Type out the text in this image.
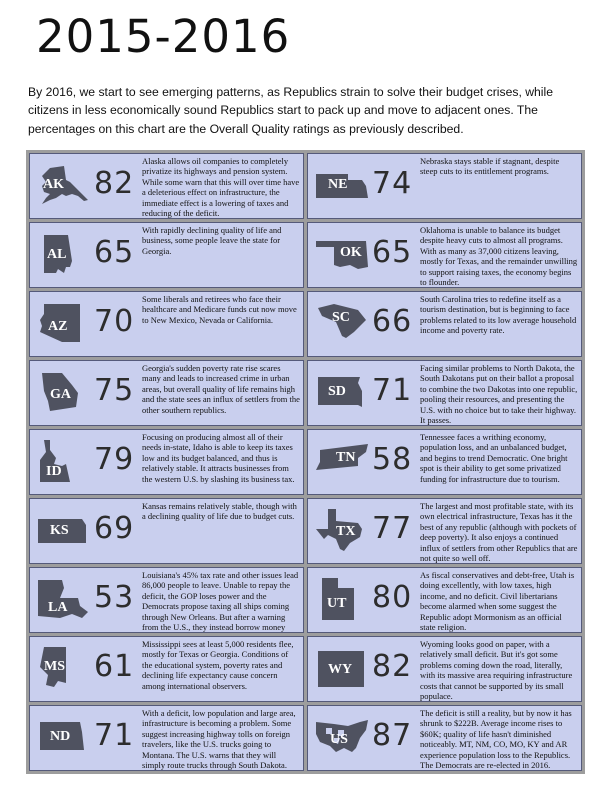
2015-2016
By 2016, we start to see emerging patterns, as Republics strain to solve their budget crises, while citizens in less economically sound Republics start to pack up and move to adjacent ones. The percentages on this chart are the Overall Quality ratings as previously described.
AK 82
Alaska allows oil companies to completely privatize its highways and pension system. While some warn that this will over time have a deleterious effect on infrastructure, the immediate effect is a lowering of taxes and reducing of the deficit.
NE 74
Nebraska stays stable if stagnant, despite steep cuts to its entitlement programs.
AL 65
With rapidly declining quality of life and business, some people leave the state for Georgia.	OK 65
Oklahoma is unable to balance its budget despite heavy cuts to almost all programs. With as many as 37,000 citizens leaving, mostly for Texas, and the remainder unwilling to support raising taxes, the economy begins to flounder.
AZ 70
Some liberals and retirees who face their healthcare and Medicare funds cut now move to New Mexico, Nevada or California.	SC 66
South Carolina tries to redefine itself as a tourism destination, but is beginning to face problems related to its low average household income and poverty rate.
GA 75
Georgia's sudden poverty rate rise scares many and leads to increased crime in urban areas, but overall quality of life remains high and the state sees an influx of settlers from the other southern republics.
SD 71
Facing similar problems to North Dakota, the South Dakotans put on their ballot a proposal to combine the two Dakotas into one republic, pooling their resources, and presenting the U.S. with no choice but to take their highway. It passes.
ID 79
Focusing on producing almost all of their needs in-state, Idaho is able to keep its taxes low and its budget balanced, and thus is relatively stable. It attracts businesses from the western U.S. by slashing its business tax.
TN 58
Tennessee faces a writhing economy, population loss, and an unbalanced budget, and begins to trend Democratic. One bright spot is their ability to get some privatized funding for infrastructure due to tourism.
KS 69
Kansas remains relatively stable, though with a declining quality of life due to budget cuts.
TX 77
The largest and most profitable state, with its own electrical infrastructure, Texas has it the best of any republic (although with pockets of deep poverty). It also enjoys a continued influx of settlers from other Republics that are not quite so well off.
LA 53
Louisiana's 45% tax rate and other issues lead 86,000 people to leave. Unable to repay the deficit, the GOP loses power and the Democrats propose taxing all ships coming through New Orleans. But after a warning from the U.S., they instead borrow money
UT 80
As fiscal conservatives and debt-free, Utah is doing excellently, with low taxes, high income, and no deficit. Civil libertarians become alarmed when some suggest the Republic adopt Mormonism as an official state religion.
MS 61
Mississippi sees at least 5,000 residents flee, mostly for Texas or Georgia. Conditions of the educational system, poverty rates and declining life expectancy cause concern among international observers.
WY 82
Wyoming looks good on paper, with a relatively small deficit. But it's got some problems coming down the road, literally, with its massive area requiring infrastructure costs that cannot be supported by its small populace.
ND 71
With a deficit, low population and large area, infrastructure is becoming a problem. Some suggest increasing highway tolls on foreign travelers, like the U.S. trucks going to Montana. The U.S. warns that they will simply route trucks through South Dakota.
US 87
The deficit is still a reality, but by now it has shrunk to $222B. Average income rises to $60K; quality of life hasn't diminished noticeably. MT, NM, CO, MO, KY and AR experience population loss to the Republics. The Democrats are re-elected in 2016.
